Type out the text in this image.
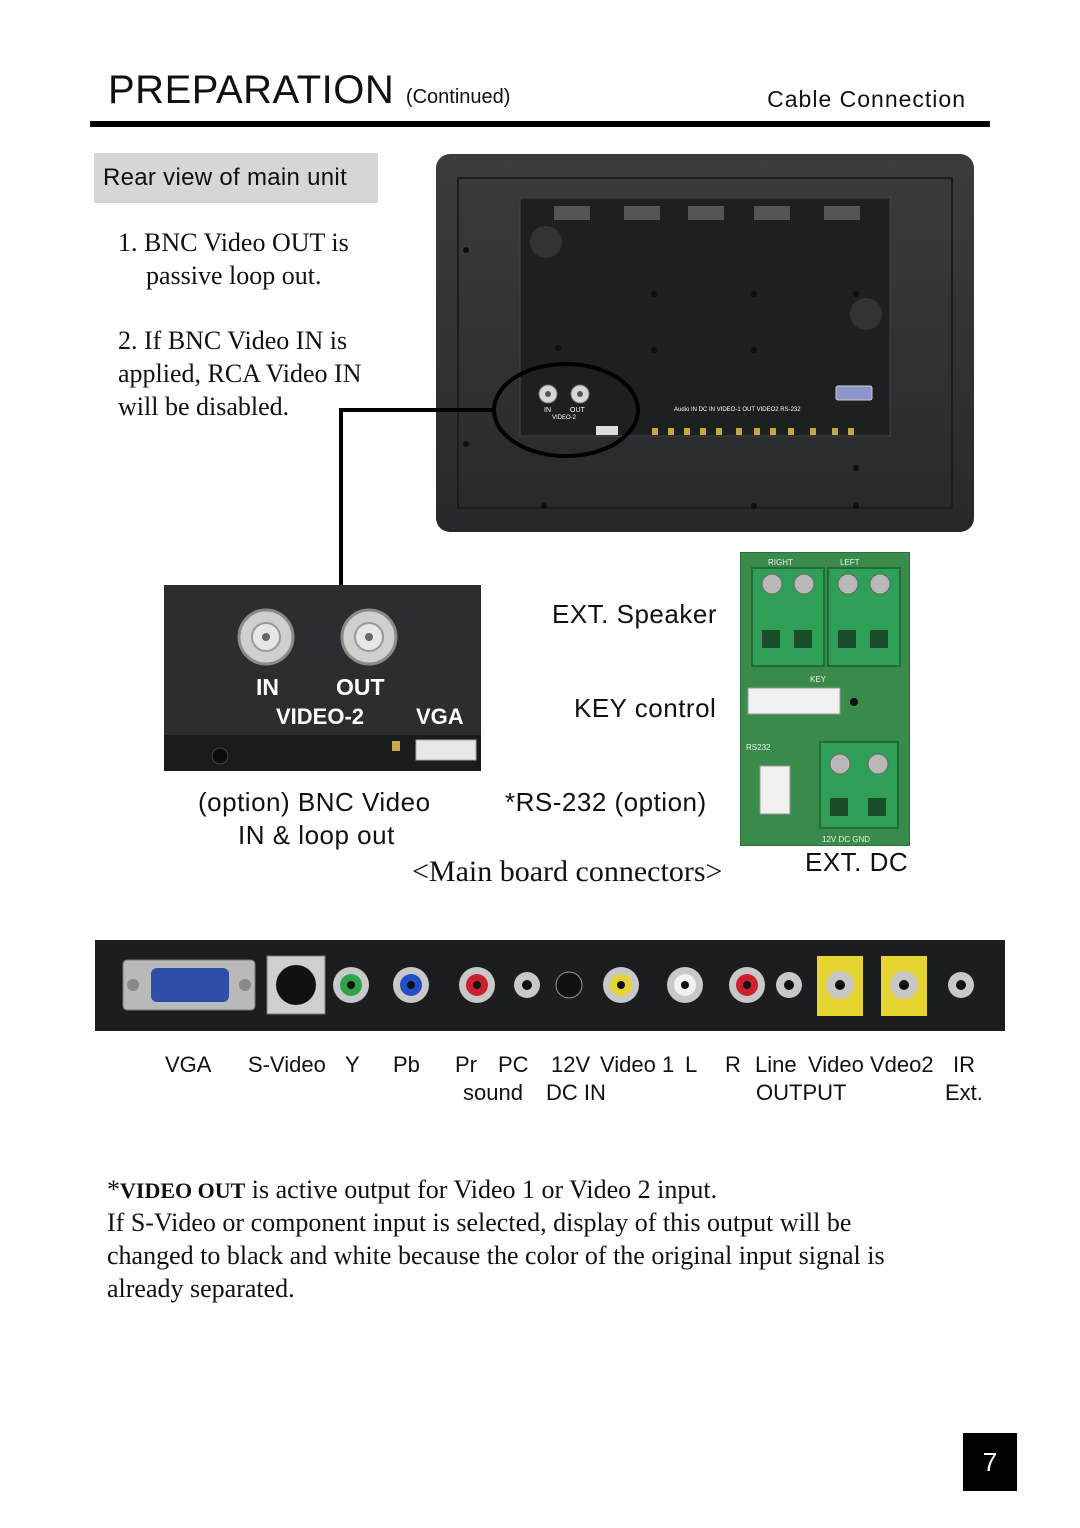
PREPARATION (Continued)	Cable Connection
Rear view of main unit
1. BNC Video OUT is
passive loop out.
2. If BNC Video IN is
applied, RCA Video IN
will be disabled.	IN	OUT
VIDEO-2
Audio IN DC IN VIDEO-1 OUT VIDEO2 RS-232
IN OUT
VIDEO-2 VGA
(option) BNC Video
IN & loop out
EXT. Speaker
KEY control
*RS-232 (option)
EXT. DC
<Main board connectors>
RIGHT	LEFT
KEY
RS232
12V DC GND
VGA S-Video Y Pb Pr PC 12V Video 1 L R Line Video Vdeo2 IR
sound DC IN	OUTPUT	Ext.
*VIDEO OUT is active output for Video 1 or Video 2 input.
If S-Video or component input is selected, display of this output will be
changed to black and white because the color of the original input signal is
already separated.
7
